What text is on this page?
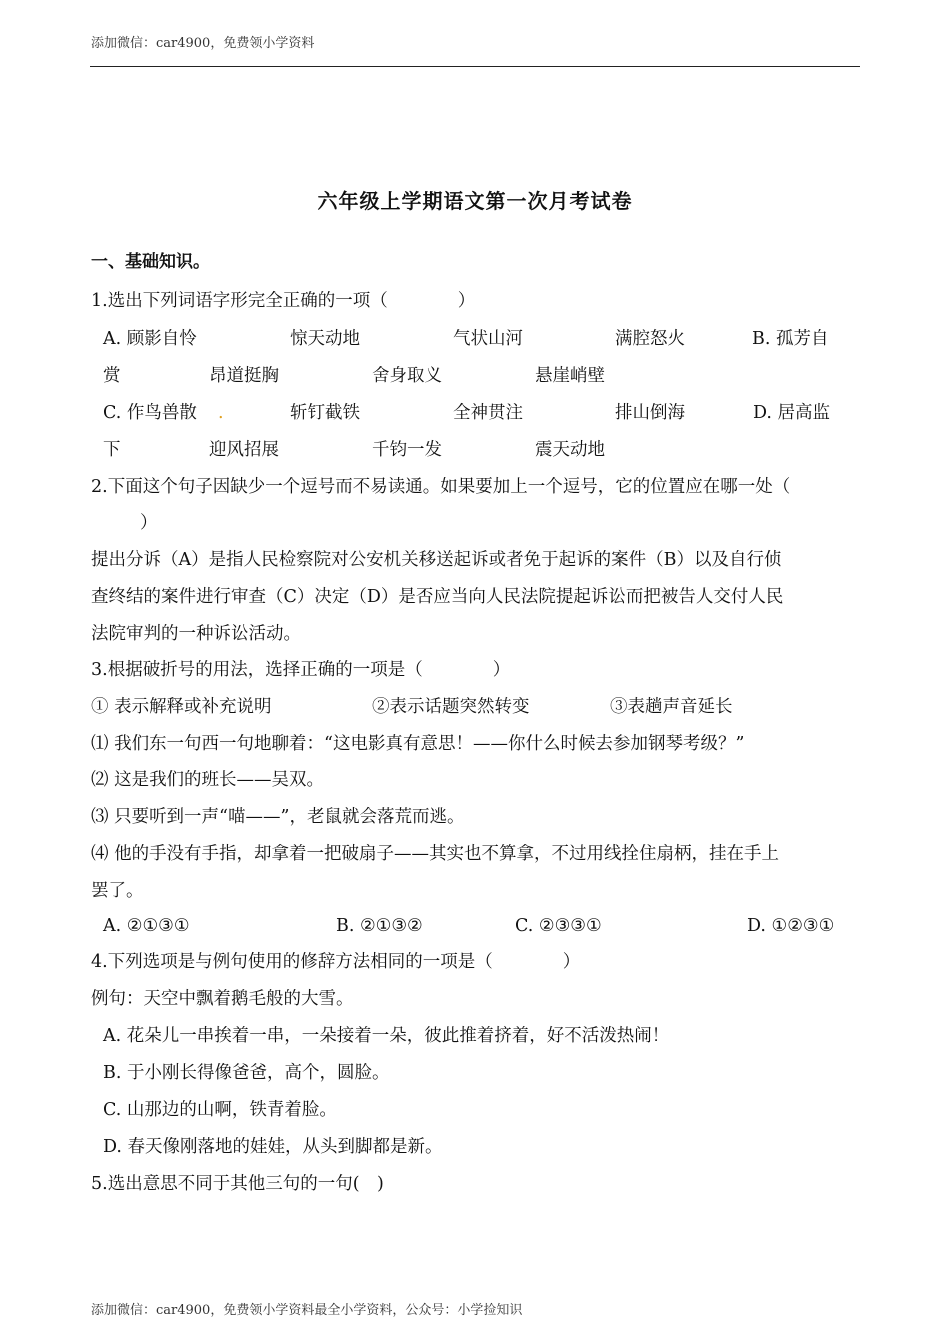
添加微信：car4900，免费领小学资料
六年级上学期语文第一次月考试卷
一、基础知识。
1.选出下列词语字形完全正确的一项（　　　　）
A. 顾影自怜	惊天动地	气状山河	满腔怒火	B. 孤芳自
赏	昂道挺胸	舍身取义	悬崖峭壁
C. 作鸟兽散 .	斩钉截铁	全神贯注	排山倒海	D. 居高监
下	迎风招展	千钧一发	震天动地
2.下面这个句子因缺少一个逗号而不易读通。如果要加上一个逗号，它的位置应在哪一处（
）
提出分诉（A）是指人民检察院对公安机关移送起诉或者免于起诉的案件（B）以及自行侦
查终结的案件进行审查（C）决定（D）是否应当向人民法院提起诉讼而把被告人交付人民
法院审判的一种诉讼活动。
3.根据破折号的用法，选择正确的一项是（　　　　）
① 表示解释或补充说明	②表示话题突然转变	③表趟声音延长
⑴ 我们东一句西一句地聊着：“这电影真有意思！——你什么时候去参加钢琴考级？”
⑵ 这是我们的班长——吴双。
⑶ 只要听到一声“喵——”，老鼠就会落荒而逃。
⑷ 他的手没有手指，却拿着一把破扇子——其实也不算拿，不过用线拴住扇柄，挂在手上
罢了。
A. ②①③①	B. ②①③②	C. ②③③①	D. ①②③①
4.下列选项是与例句使用的修辞方法相同的一项是（　　　　）
例句：天空中飘着鹅毛般的大雪。
A. 花朵儿一串挨着一串，一朵接着一朵，彼此推着挤着，好不活泼热闹！
B. 于小刚长得像爸爸，高个，圆脸。
C. 山那边的山啊，铁青着脸。
D. 春天像刚落地的娃娃，从头到脚都是新。
5.选出意思不同于其他三句的一句(　)
添加微信：car4900，免费领小学资料最全小学资料，公众号：小学捡知识
